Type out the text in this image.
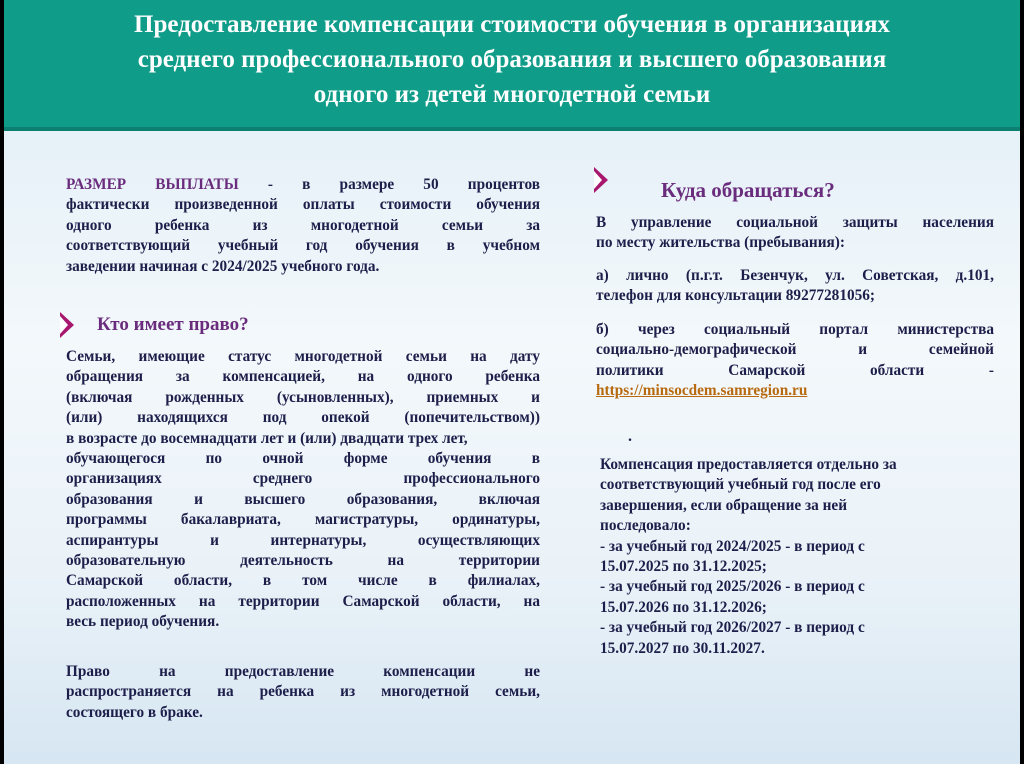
Предоставление компенсации стоимости обучения в организациях
среднего профессионального образования и высшего образования
одного из детей многодетной семьи
РАЗМЕР ВЫПЛАТЫ - в размере 50 процентов
фактически произведенной оплаты стоимости обучения
одного ребенка из многодетной семьи за
соответствующий учебный год обучения в учебном
заведении начиная с 2024/2025 учебного года.
Кто имеет право?
Семьи, имеющие статус многодетной семьи на дату
обращения за компенсацией, на одного ребенка
(включая рожденных (усыновленных), приемных и
(или) находящихся под опекой (попечительством))
в возрасте до восемнадцати лет и (или) двадцати трех лет,
обучающегося по очной форме обучения в
организациях среднего профессионального
образования и высшего образования, включая
программы бакалавриата, магистратуры, ординатуры,
аспирантуры и интернатуры, осуществляющих
образовательную деятельность на территории
Самарской области, в том числе в филиалах,
расположенных на территории Самарской области, на
весь период обучения.
Право на предоставление компенсации не
распространяется на ребенка из многодетной семьи,
состоящего в браке.
Куда обращаться?
В управление социальной защиты населения
по месту жительства (пребывания):
а) лично (п.г.т. Безенчук, ул. Советская, д.101,
телефон для консультации 89277281056;
б) через социальный портал министерства
социально-демографической и семейной
политики Самарской области -
https://minsocdem.samregion.ru
.
Компенсация предоставляется отдельно за
соответствующий учебный год после его
завершения, если обращение за ней
последовало:
- за учебный год 2024/2025 - в период с
15.07.2025 по 31.12.2025;
- за учебный год 2025/2026 - в период с
15.07.2026 по 31.12.2026;
- за учебный год 2026/2027 - в период с
15.07.2027 по 30.11.2027.
